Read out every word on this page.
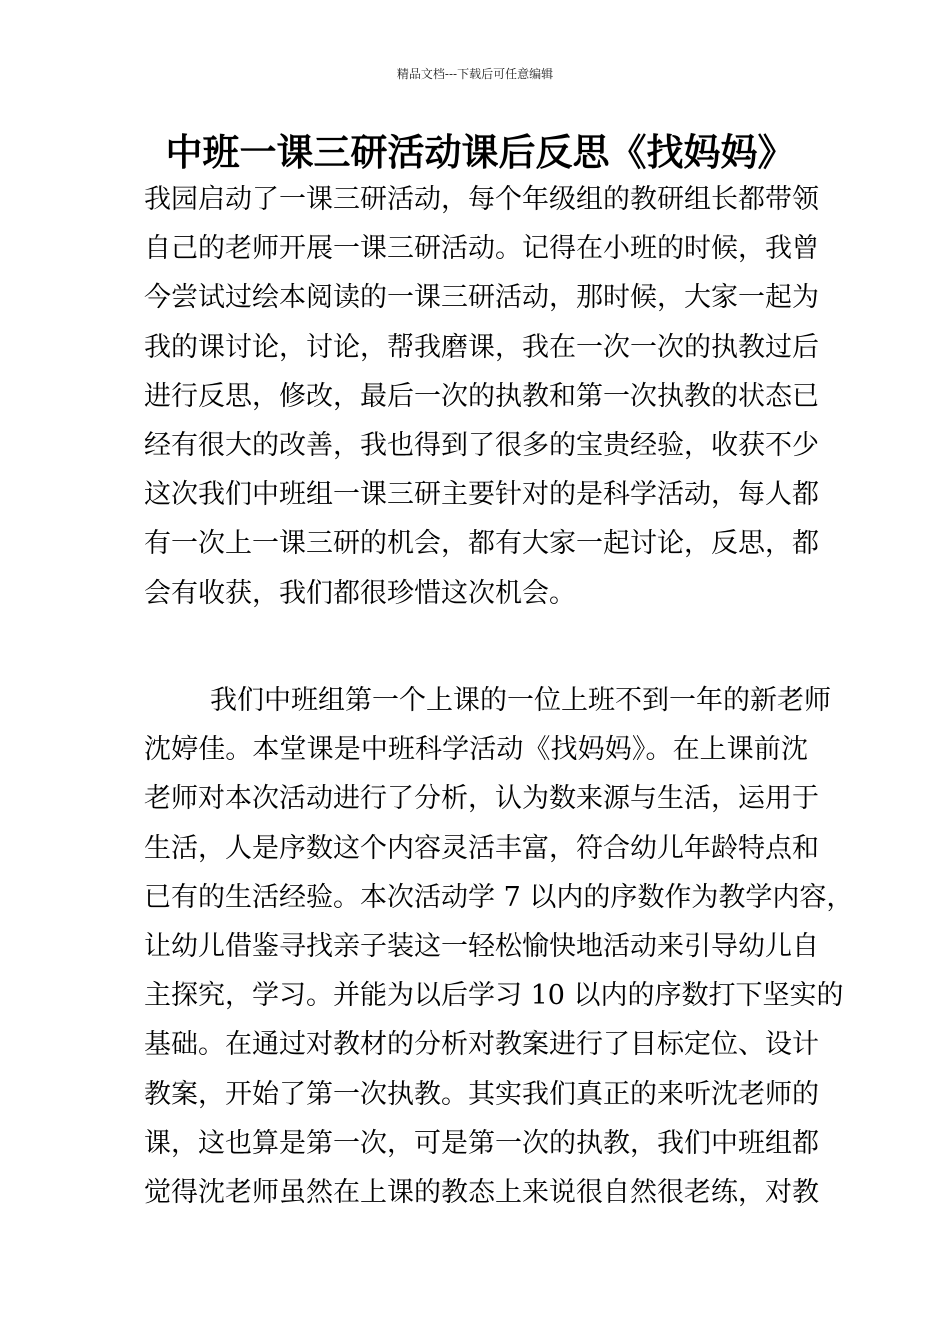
精品文档---下载后可任意编辑
中班一课三研活动课后反思《找妈妈》
我园启动了一课三研活动，每个年级组的教研组长都带领
自己的老师开展一课三研活动。记得在小班的时候，我曾
今尝试过绘本阅读的一课三研活动，那时候，大家一起为
我的课讨论，讨论，帮我磨课，我在一次一次的执教过后
进行反思，修改，最后一次的执教和第一次执教的状态已
经有很大的改善，我也得到了很多的宝贵经验，收获不少
这次我们中班组一课三研主要针对的是科学活动，每人都
有一次上一课三研的机会，都有大家一起讨论，反思，都
会有收获，我们都很珍惜这次机会。
我们中班组第一个上课的一位上班不到一年的新老师
沈婷佳。本堂课是中班科学活动《找妈妈》。在上课前沈
老师对本次活动进行了分析，认为数来源与生活，运用于
生活，人是序数这个内容灵活丰富，符合幼儿年龄特点和
已有的生活经验。本次活动学 7 以内的序数作为教学内容，
让幼儿借鉴寻找亲子装这一轻松愉快地活动来引导幼儿自
主探究，学习。并能为以后学习 10 以内的序数打下坚实的
基础。在通过对教材的分析对教案进行了目标定位、设计
教案，开始了第一次执教。其实我们真正的来听沈老师的
课，这也算是第一次，可是第一次的执教，我们中班组都
觉得沈老师虽然在上课的教态上来说很自然很老练，对教
